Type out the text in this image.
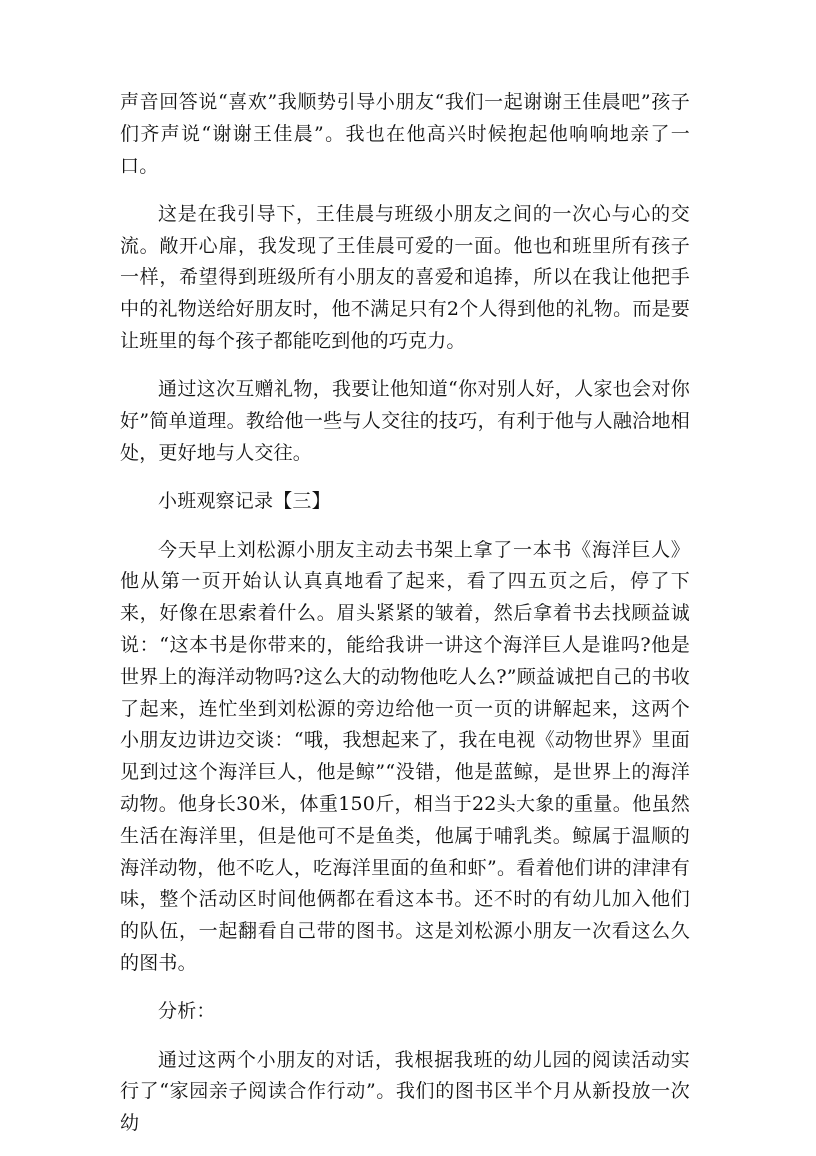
声音回答说“喜欢”我顺势引导小朋友“我们一起谢谢王佳晨吧”孩子们齐声说“谢谢王佳晨”。我也在他高兴时候抱起他响响地亲了一口。

这是在我引导下，王佳晨与班级小朋友之间的一次心与心的交流。敞开心扉，我发现了王佳晨可爱的一面。他也和班里所有孩子一样，希望得到班级所有小朋友的喜爱和追捧，所以在我让他把手中的礼物送给好朋友时，他不满足只有2个人得到他的礼物。而是要让班里的每个孩子都能吃到他的巧克力。

通过这次互赠礼物，我要让他知道“你对别人好，人家也会对你好”简单道理。教给他一些与人交往的技巧，有利于他与人融洽地相处，更好地与人交往。

小班观察记录【三】

今天早上刘松源小朋友主动去书架上拿了一本书《海洋巨人》他从第一页开始认认真真地看了起来，看了四五页之后，停了下来，好像在思索着什么。眉头紧紧的皱着，然后拿着书去找顾益诚说：“这本书是你带来的，能给我讲一讲这个海洋巨人是谁吗?他是世界上的海洋动物吗?这么大的动物他吃人么?”顾益诚把自己的书收了起来，连忙坐到刘松源的旁边给他一页一页的讲解起来，这两个小朋友边讲边交谈：“哦，我想起来了，我在电视《动物世界》里面见到过这个海洋巨人，他是鲸”“没错，他是蓝鲸，是世界上的海洋动物。他身长30米，体重150斤，相当于22头大象的重量。他虽然生活在海洋里，但是他可不是鱼类，他属于哺乳类。鲸属于温顺的海洋动物，他不吃人，吃海洋里面的鱼和虾”。看着他们讲的津津有味，整个活动区时间他俩都在看这本书。还不时的有幼儿加入他们的队伍，一起翻看自己带的图书。这是刘松源小朋友一次看这么久的图书。

分析：

通过这两个小朋友的对话，我根据我班的幼儿园的阅读活动实行了“家园亲子阅读合作行动”。我们的图书区半个月从新投放一次幼
